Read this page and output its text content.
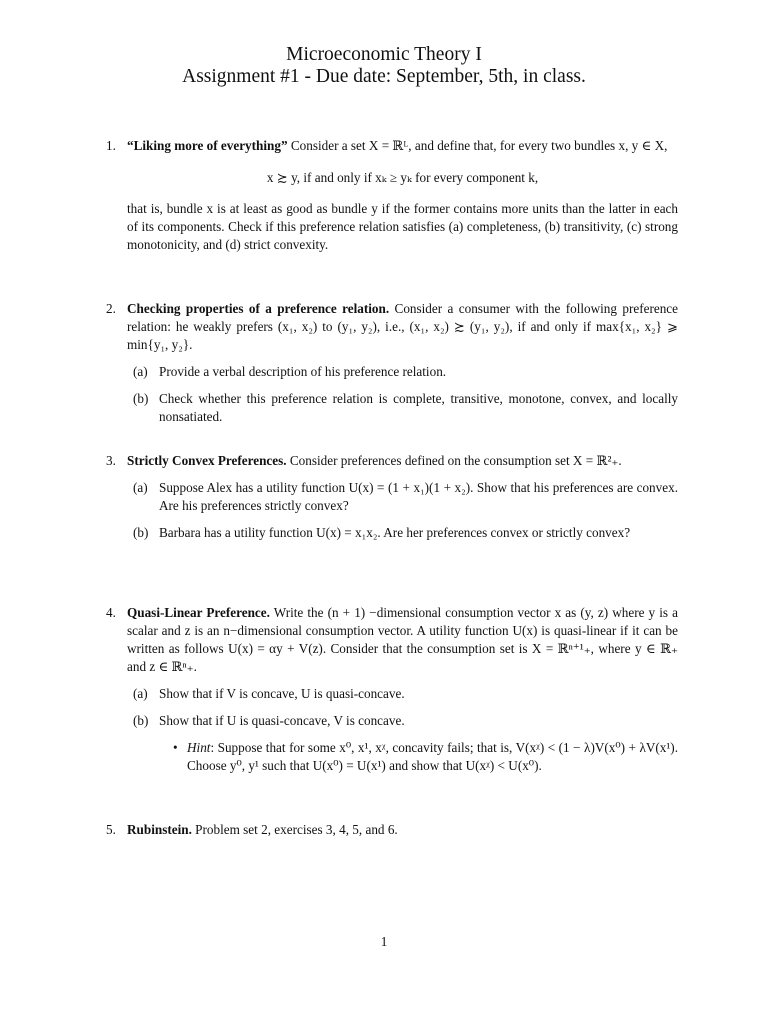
Microeconomic Theory I
Assignment #1 - Due date: September, 5th, in class.
1. “Liking more of everything” Consider a set X = ℝᴸ, and define that, for every two bundles x, y ∈ X,

x ≿ y, if and only if xₖ ≥ yₖ for every component k,

that is, bundle x is at least as good as bundle y if the former contains more units than the latter in each of its components. Check if this preference relation satisfies (a) completeness, (b) transitivity, (c) strong monotonicity, and (d) strict convexity.

2. Checking properties of a preference relation. Consider a consumer with the following preference relation: he weakly prefers (x₁, x₂) to (y₁, y₂), i.e., (x₁, x₂) ≿ (y₁, y₂), if and only if max{x₁, x₂} ⩾ min{y₁, y₂}.

(a) Provide a verbal description of his preference relation.
(b) Check whether this preference relation is complete, transitive, monotone, convex, and locally nonsatiated.
3. Strictly Convex Preferences. Consider preferences defined on the consumption set X = ℝ²₊.

(a) Suppose Alex has a utility function U(x) = (1 + x₁)(1 + x₂). Show that his preferences are convex. Are his preferences strictly convex?
(b) Barbara has a utility function U(x) = x₁x₂. Are her preferences convex or strictly convex?
4. Quasi-Linear Preference. Write the (n + 1) −dimensional consumption vector x as (y, z) where y is a scalar and z is an n−dimensional consumption vector. A utility function U(x) is quasi-linear if it can be written as follows U(x) = αy + V(z). Consider that the consumption set is X = ℝⁿ⁺¹₊, where y ∈ ℝ₊ and z ∈ ℝⁿ₊.

(a) Show that if V is concave, U is quasi-concave.
(b) Show that if U is quasi-concave, V is concave.
• Hint: Suppose that for some x⁰, x¹, xᵡ, concavity fails; that is, V(xᵡ) < (1 − λ)V(x⁰) + λV(x¹). Choose y⁰, y¹ such that U(x⁰) = U(x¹) and show that U(xᵡ) < U(x⁰).
5. Rubinstein. Problem set 2, exercises 3, 4, 5, and 6.

1
